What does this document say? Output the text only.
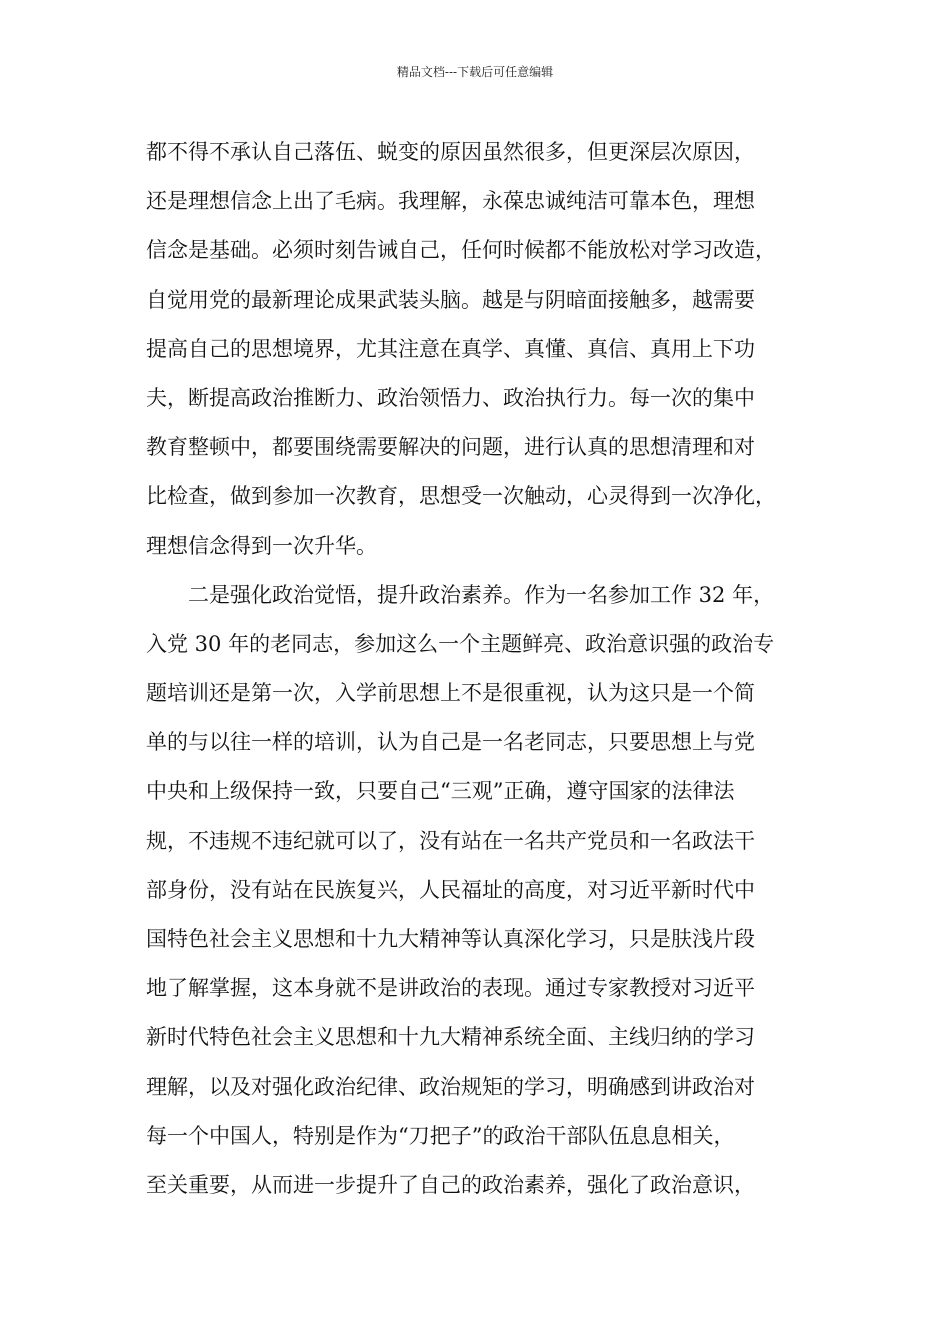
精品文档---下载后可任意编辑
都不得不承认自己落伍、蜕变的原因虽然很多，但更深层次原因，
还是理想信念上出了毛病。我理解，永葆忠诚纯洁可靠本色，理想
信念是基础。必须时刻告诫自己，任何时候都不能放松对学习改造，
自觉用党的最新理论成果武装头脑。越是与阴暗面接触多，越需要
提高自己的思想境界，尤其注意在真学、真懂、真信、真用上下功
夫，断提高政治推断力、政治领悟力、政治执行力。每一次的集中
教育整顿中，都要围绕需要解决的问题，进行认真的思想清理和对
比检查，做到参加一次教育，思想受一次触动，心灵得到一次净化，
理想信念得到一次升华。
二是强化政治觉悟，提升政治素养。作为一名参加工作 32 年，
入党 30 年的老同志，参加这么一个主题鲜亮、政治意识强的政治专
题培训还是第一次，入学前思想上不是很重视，认为这只是一个简
单的与以往一样的培训，认为自己是一名老同志，只要思想上与党
中央和上级保持一致，只要自己“三观”正确，遵守国家的法律法
规，不违规不违纪就可以了，没有站在一名共产党员和一名政法干
部身份，没有站在民族复兴，人民福址的高度，对习近平新时代中
国特色社会主义思想和十九大精神等认真深化学习，只是肤浅片段
地了解掌握，这本身就不是讲政治的表现。通过专家教授对习近平
新时代特色社会主义思想和十九大精神系统全面、主线归纳的学习
理解，以及对强化政治纪律、政治规矩的学习，明确感到讲政治对
每一个中国人，特别是作为“刀把子”的政治干部队伍息息相关，
至关重要，从而进一步提升了自己的政治素养，强化了政治意识，
